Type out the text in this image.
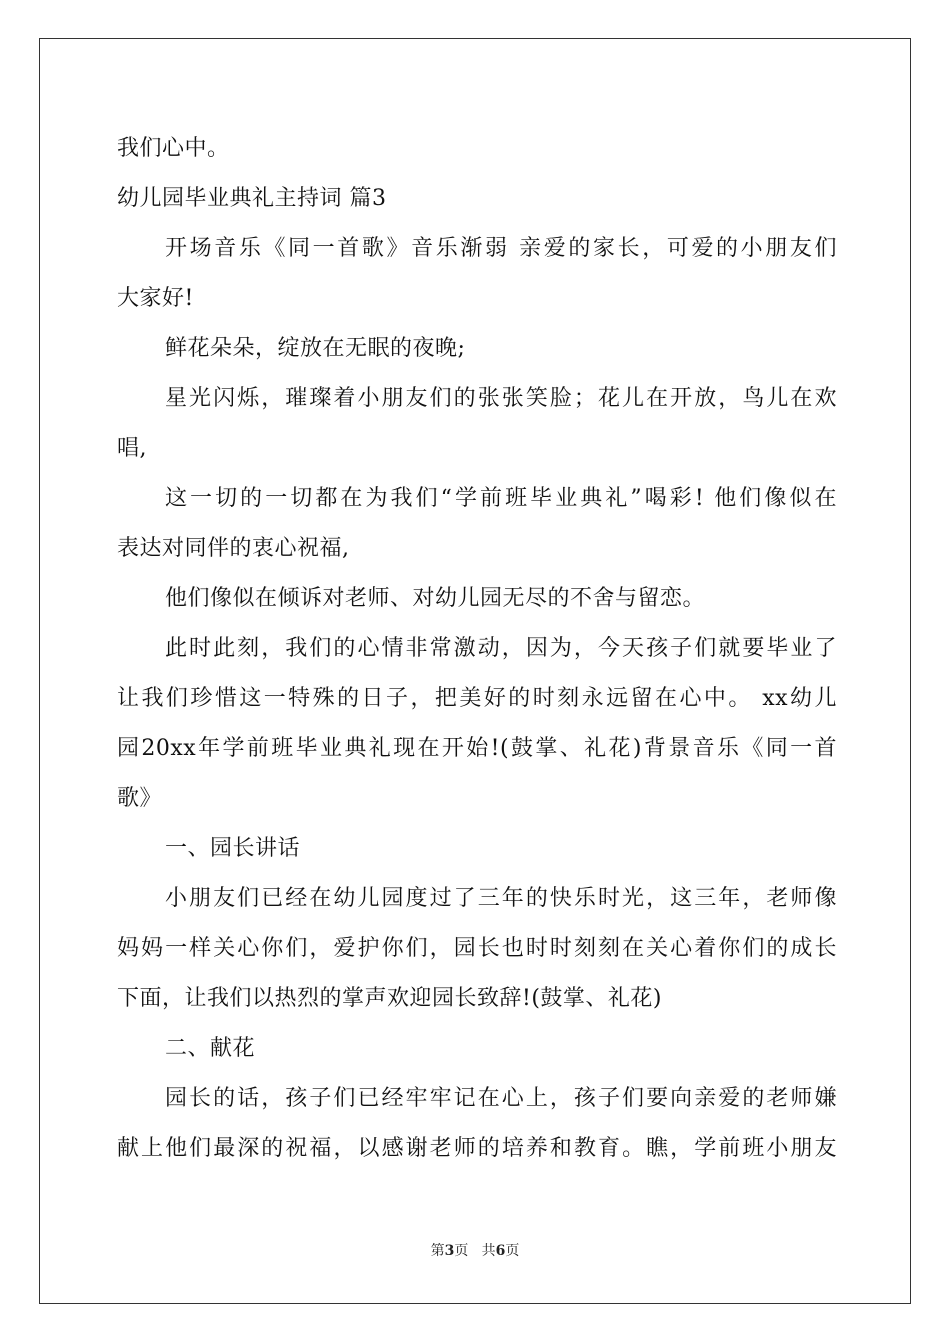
我们心中。
幼儿园毕业典礼主持词 篇3
开场音乐《同一首歌》音乐渐弱 亲爱的家长，可爱的小朋友们
大家好!
鲜花朵朵，绽放在无眠的夜晚;
星光闪烁，璀璨着小朋友们的张张笑脸；花儿在开放，鸟儿在欢
唱,
这一切的一切都在为我们“学前班毕业典礼”喝彩! 他们像似在
表达对同伴的衷心祝福,
他们像似在倾诉对老师、对幼儿园无尽的不舍与留恋。
此时此刻，我们的心情非常激动，因为，今天孩子们就要毕业了
让我们珍惜这一特殊的日子，把美好的时刻永远留在心中。 xx幼儿
园20xx年学前班毕业典礼现在开始!(鼓掌、礼花)背景音乐《同一首
歌》
一、园长讲话
小朋友们已经在幼儿园度过了三年的快乐时光，这三年，老师像
妈妈一样关心你们，爱护你们，园长也时时刻刻在关心着你们的成长
下面，让我们以热烈的掌声欢迎园长致辞!(鼓掌、礼花)
二、献花
园长的话，孩子们已经牢牢记在心上，孩子们要向亲爱的老师嫌
献上他们最深的祝福，以感谢老师的培养和教育。瞧，学前班小朋友
第3页   共6页
